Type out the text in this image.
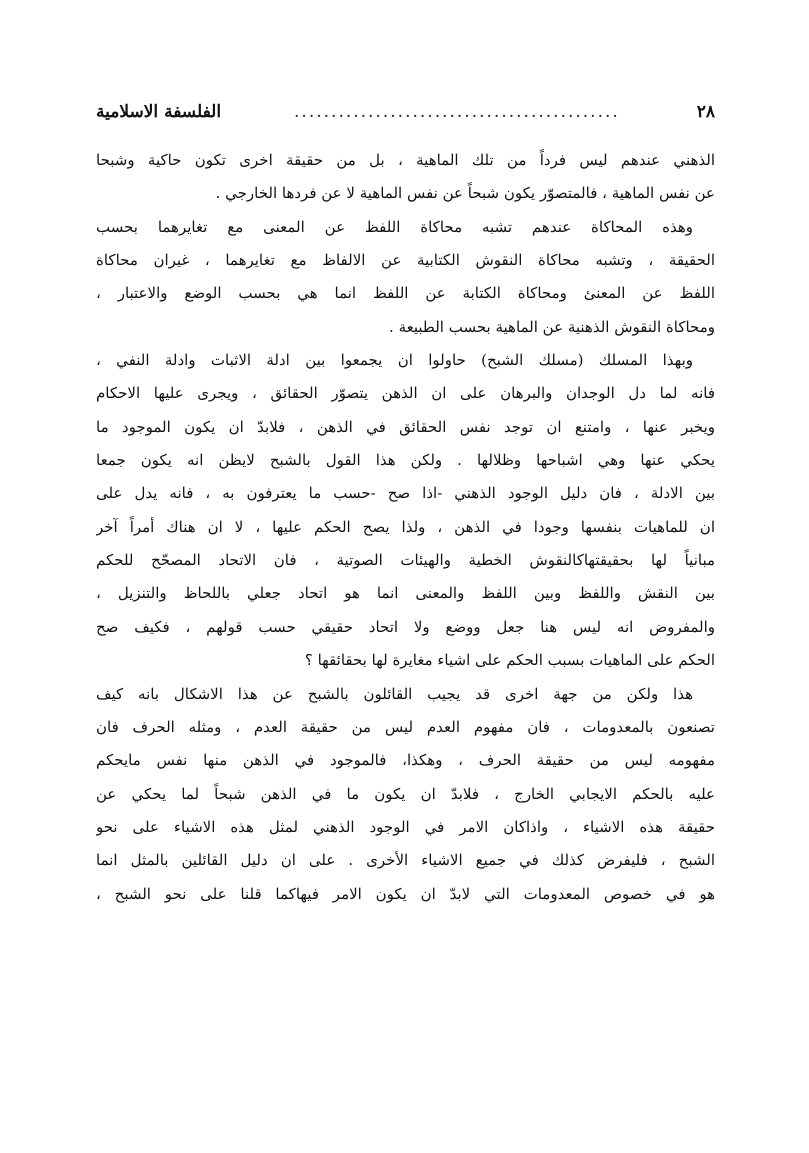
٢٨
............................................
الفلسفة الاسلامية
الذهني عندهم ليس فرداً من تلك الماهية ، بل من حقيقة اخرى تكون حاكية وشبحا
عن نفس الماهية ، فالمتصوّر يكون شبحاً عن نفس الماهية لا عن فردها الخارجي .
وهذه المحاكاة عندهم تشبه محاكاة اللفظ عن المعنى مع تغايرهما بحسب
الحقيقة ، وتشبه محاكاة النقوش الكتابية عن الالفاظ مع تغايرهما ، غيران محاكاة
اللفظ عن المعنئ ومحاكاة الكتابة عن اللفظ انما هي بحسب الوضع والاعتبار ،
ومحاكاة النقوش الذهنية عن الماهية بحسب الطبيعة .
وبهذا المسلك (مسلك الشبح) حاولوا ان يجمعوا بين ادلة الاثبات وادلة النفي ،
فانه لما دل الوجدان والبرهان على ان الذهن يتصوّر الحقائق ، ويجرى عليها الاحكام
ويخبر عنها ، وامتنع ان توجد نفس الحقائق في الذهن ، فلابدّ ان يكون الموجود ما
يحكي عنها وهي اشباحها وظلالها . ولكن هذا القول بالشبح لايظن انه يكون جمعا
بين الادلة ، فان دليل الوجود الذهني -اذا صح -حسب ما يعترفون به ، فانه يدل على
ان للماهيات بنفسها وجودا في الذهن ، ولذا يصح الحكم عليها ، لا ان هناك أمراً آخر
مبانياً لها بحقيقتهاكالنقوش الخطية والهيئات الصوتية ، فان الاتحاد المصحّح للحكم
بين النقش واللفظ وبين اللفظ والمعنى انما هو اتحاد جعلي باللحاظ والتنزيل ،
والمفروض انه ليس هنا جعل ووضع ولا اتحاد حقيقي حسب قولهم ، فكيف صح
الحكم على الماهيات بسبب الحكم على اشياء مغايرة لها بحقائقها ؟
هذا ولكن من جهة اخرى قد يجيب القائلون بالشبح عن هذا الاشكال بانه كيف
تصنعون بالمعدومات ، فان مفهوم العدم ليس من حقيقة العدم ، ومثله الحرف فان
مفهومه ليس من حقيقة الحرف ، وهكذا، فالموجود في الذهن منها نفس مايحكم
عليه بالحكم الايجابي الخارج ، فلابدّ ان يكون ما في الذهن شبحاً لما يحكي عن
حقيقة هذه الاشياء ، واذاكان الامر في الوجود الذهني لمثل هذه الاشياء على نحو
الشبح ، فليفرض كذلك في جميع الاشياء الأخرى . على ان دليل القائلين بالمثل انما
هو في خصوص المعدومات التي لابدّ ان يكون الامر فيهاكما قلنا على نحو الشبح ،
